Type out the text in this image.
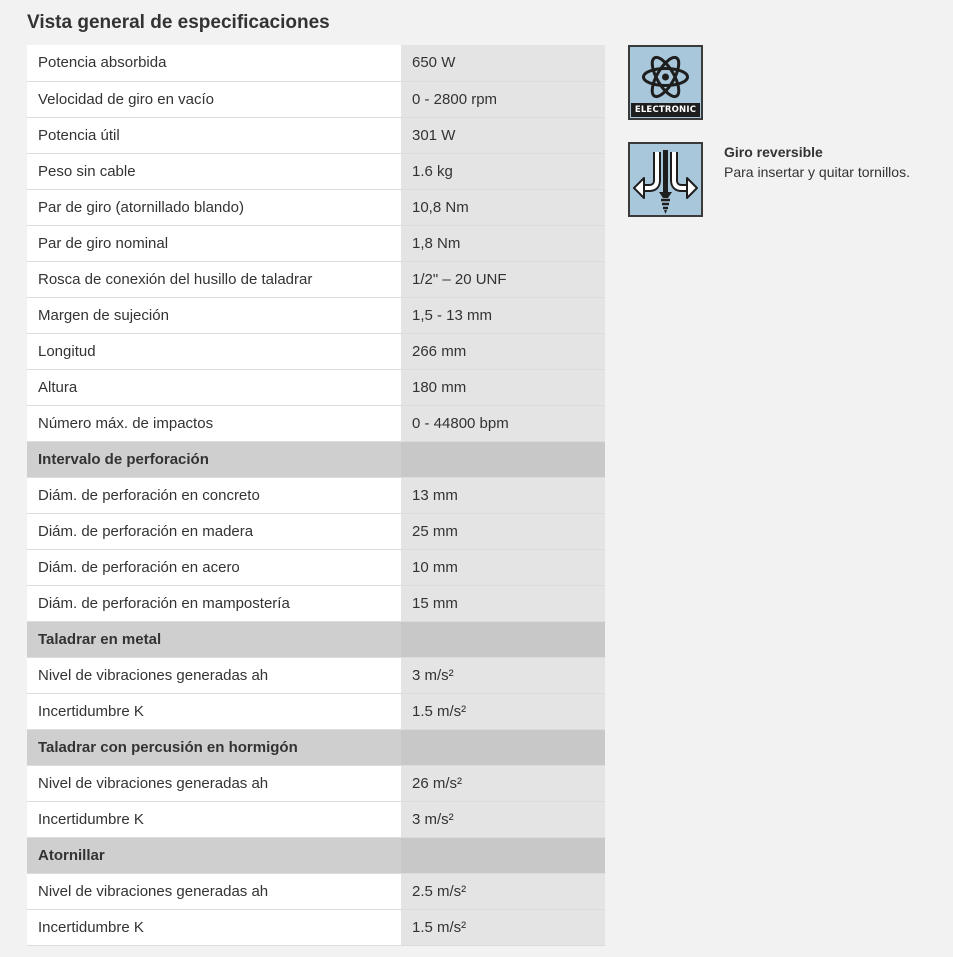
Vista general de especificaciones
Potencia absorbida	650 W
Velocidad de giro en vacío	0 - 2800 rpm
Potencia útil	301 W
Peso sin cable	1.6 kg
Par de giro (atornillado blando)	10,8 Nm
Par de giro nominal	1,8 Nm
Rosca de conexión del husillo de taladrar	1/2" – 20 UNF
Margen de sujeción	1,5 - 13 mm
Longitud	266 mm
Altura	180 mm
Número máx. de impactos	0 - 44800 bpm
Intervalo de perforación	
Diám. de perforación en concreto	13 mm
Diám. de perforación en madera	25 mm
Diám. de perforación en acero	10 mm
Diám. de perforación en mampostería	15 mm
Taladrar en metal	
Nivel de vibraciones generadas ah	3 m/s²
Incertidumbre K	1.5 m/s²
Taladrar con percusión en hormigón	
Nivel de vibraciones generadas ah	26 m/s²
Incertidumbre K	3 m/s²
Atornillar	
Nivel de vibraciones generadas ah	2.5 m/s²
Incertidumbre K	1.5 m/s²
ELECTRONIC
Giro reversible
Para insertar y quitar tornillos.
